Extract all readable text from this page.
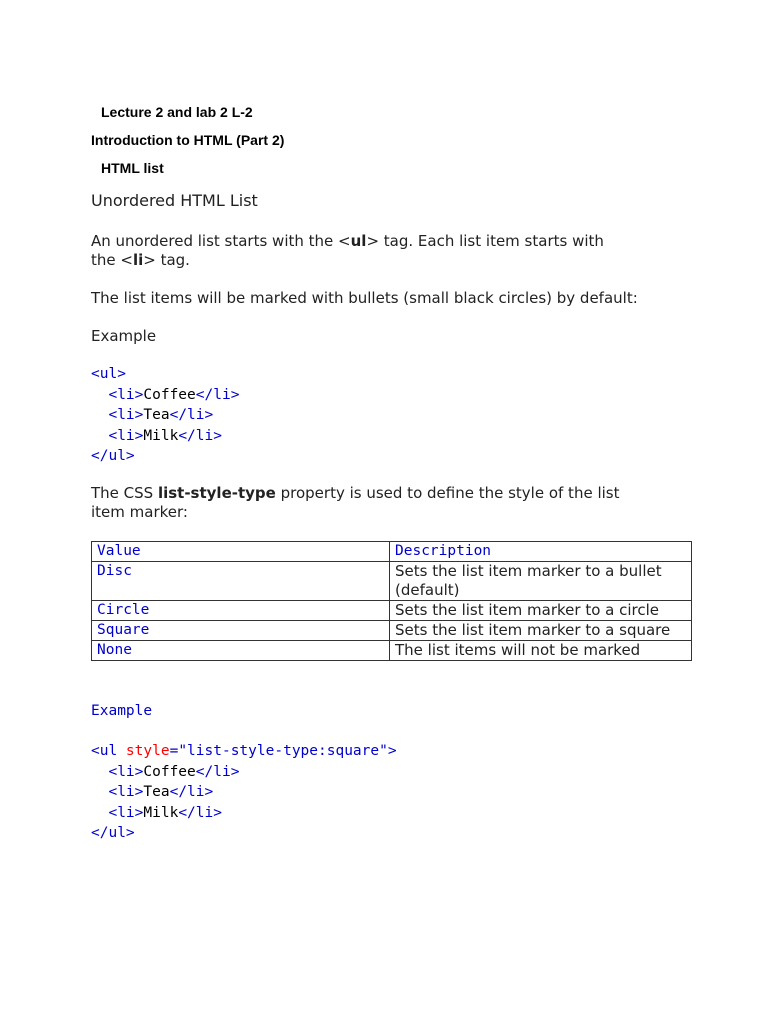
Lecture 2 and lab 2 L-2
Introduction to HTML (Part 2)
HTML list
Unordered HTML List
An unordered list starts with the <ul> tag. Each list item starts with
the <li> tag.
The list items will be marked with bullets (small black circles) by default:
Example
<ul>
<li>Coffee</li>
<li>Tea</li>
<li>Milk</li>
</ul>
The CSS list-style-type property is used to define the style of the list
item marker:
Value	Description
Disc	Sets the list item marker to a bullet (default)
Circle	Sets the list item marker to a circle
Square	Sets the list item marker to a square
None	The list items will not be marked
Example
<ul style="list-style-type:square">
<li>Coffee</li>
<li>Tea</li>
<li>Milk</li>
</ul>
